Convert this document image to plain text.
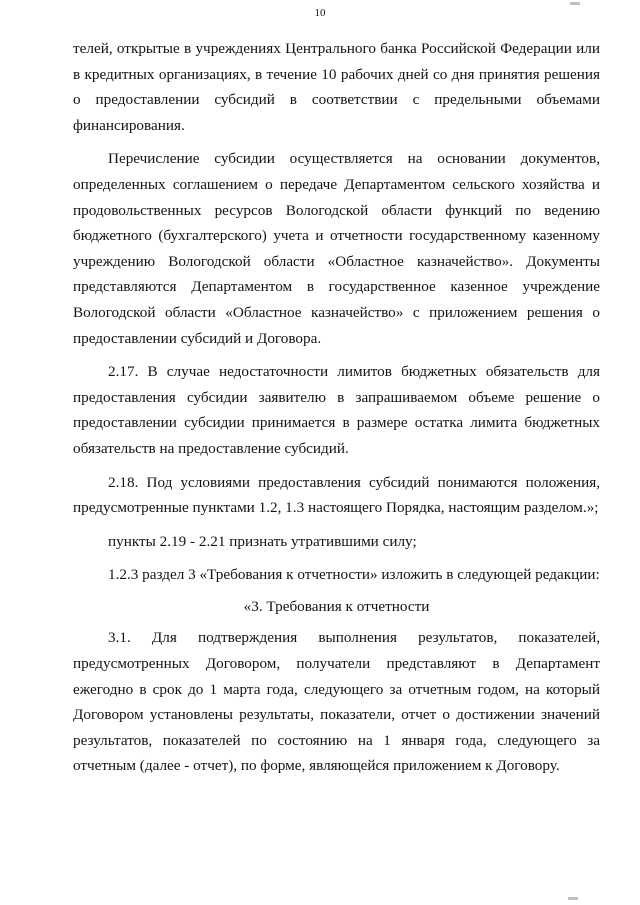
10

телей, открытые в учреждениях Центрального банка Российской Федерации или в кредитных организациях, в течение 10 рабочих дней со дня принятия решения о предоставлении субсидий в соответствии с предельными объемами финансирования.

Перечисление субсидии осуществляется на основании документов, определенных соглашением о передаче Департаментом сельского хозяйства и продовольственных ресурсов Вологодской области функций по ведению бюджетного (бухгалтерского) учета и отчетности государственному казенному учреждению Вологодской области «Областное казначейство». Документы представляются Департаментом в государственное казенное учреждение Вологодской области «Областное казначейство» с приложением решения о предоставлении субсидий и Договора.

2.17. В случае недостаточности лимитов бюджетных обязательств для предоставления субсидии заявителю в запрашиваемом объеме решение о предоставлении субсидии принимается в размере остатка лимита бюджетных обязательств на предоставление субсидий.

2.18. Под условиями предоставления субсидий понимаются положения, предусмотренные пунктами 1.2, 1.3 настоящего Порядка, настоящим разделом.»;

пункты 2.19 - 2.21 признать утратившими силу;

1.2.3 раздел 3 «Требования к отчетности» изложить в следующей редакции:

«3. Требования к отчетности

3.1. Для подтверждения выполнения результатов, показателей, предусмотренных Договором, получатели представляют в Департамент ежегодно в срок до 1 марта года, следующего за отчетным годом, на который Договором установлены результаты, показатели, отчет о достижении значений результатов, показателей по состоянию на 1 января года, следующего за отчетным (далее - отчет), по форме, являющейся приложением к Договору.
